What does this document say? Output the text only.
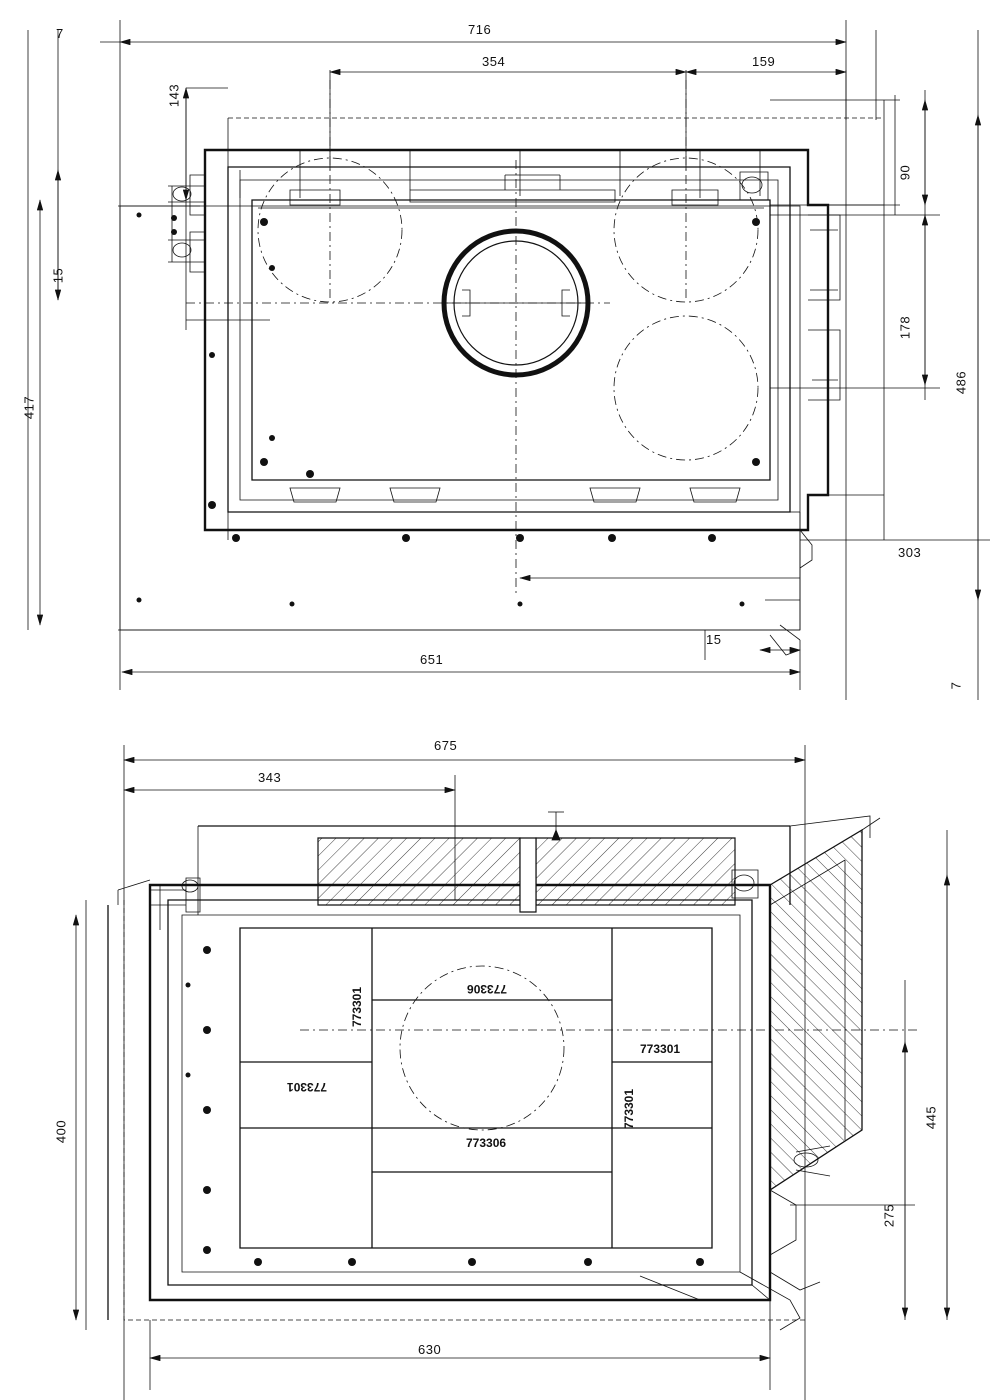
716
354	159
7
143
15
417
90
178
486
303
651
15
7
675
343
400
445
275
630
773301	773306
773301
773301
773301
773306
